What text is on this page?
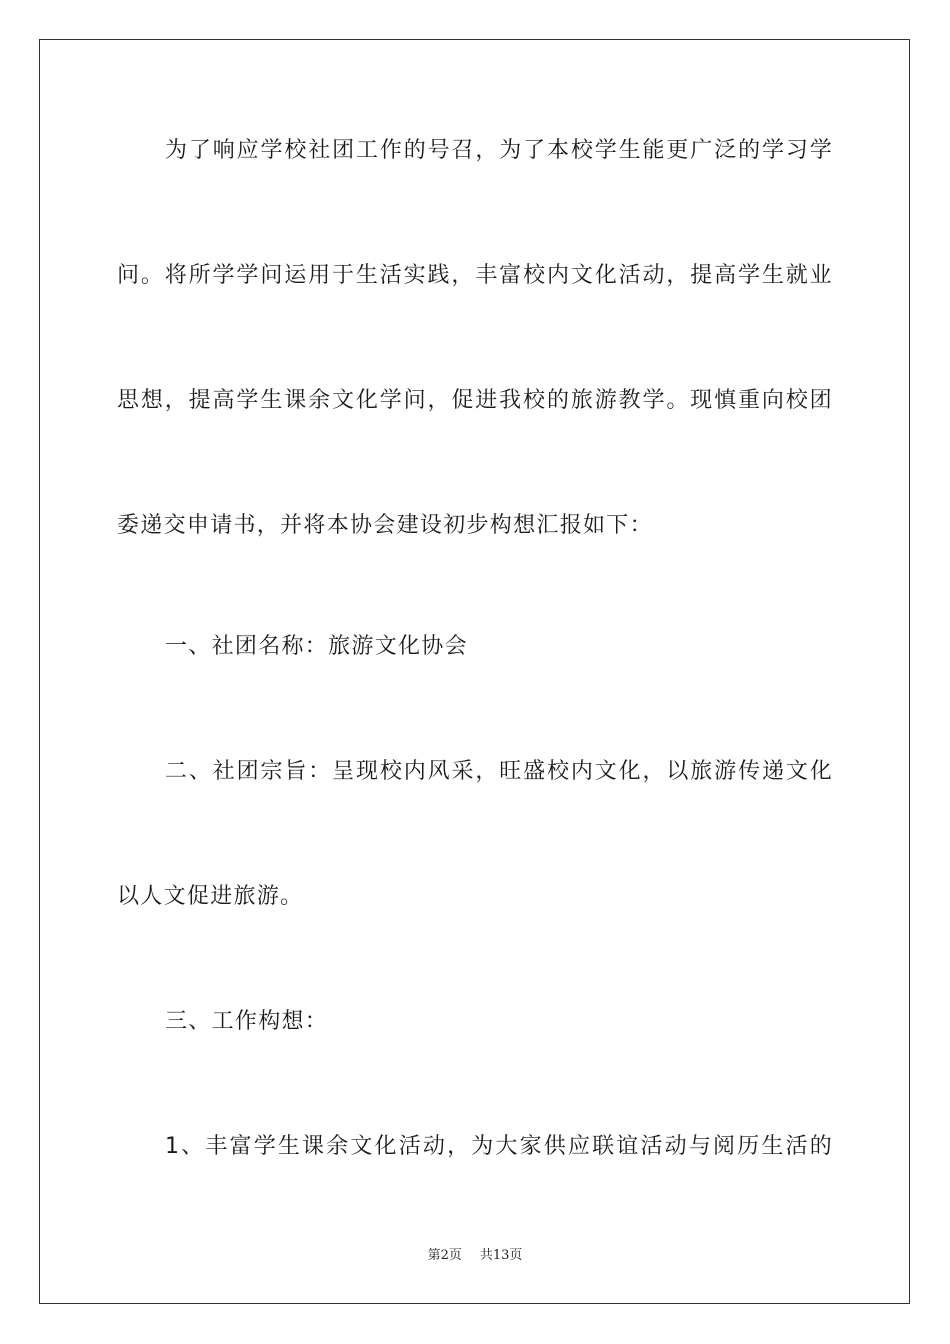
为了响应学校社团工作的号召，为了本校学生能更广泛的学习学
问。将所学学问运用于生活实践，丰富校内文化活动，提高学生就业
思想，提高学生课余文化学问，促进我校的旅游教学。现慎重向校团
委递交申请书，并将本协会建设初步构想汇报如下：
一、社团名称：旅游文化协会
二、社团宗旨：呈现校内风采，旺盛校内文化，以旅游传递文化
以人文促进旅游。
三、工作构想：
1、丰富学生课余文化活动，为大家供应联谊活动与阅历生活的
第2页 共13页
